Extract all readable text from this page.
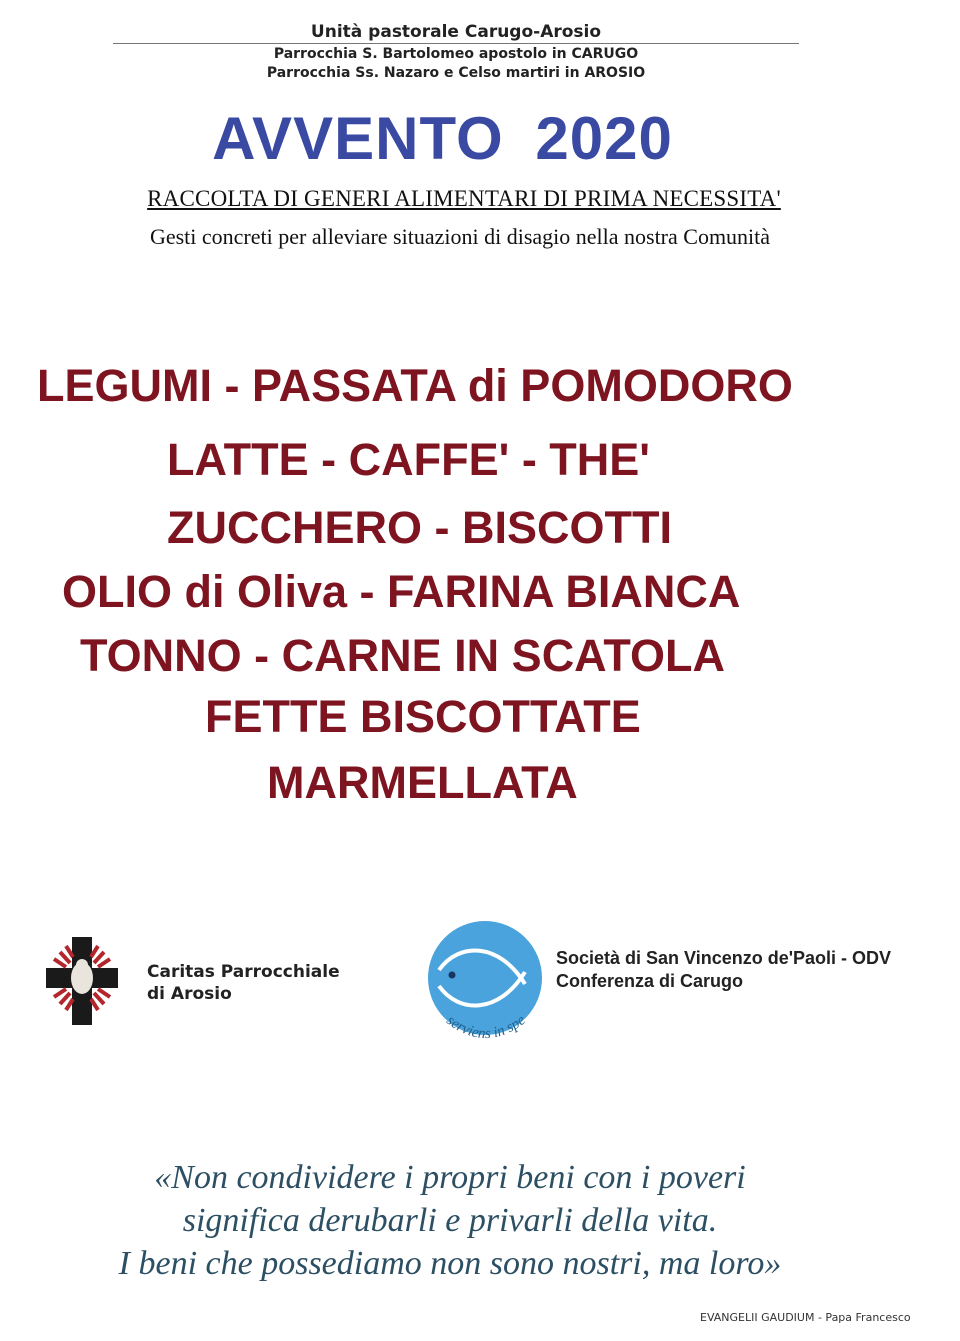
Unità pastorale Carugo-Arosio
Parrocchia S. Bartolomeo apostolo in CARUGO
Parrocchia Ss. Nazaro e Celso martiri in AROSIO
AVVENTO 2020
RACCOLTA DI GENERI ALIMENTARI DI PRIMA NECESSITA'
Gesti concreti per alleviare situazioni di disagio nella nostra Comunità
LEGUMI - PASSATA di POMODORO
LATTE - CAFFE' - THE'
ZUCCHERO - BISCOTTI
OLIO di Oliva - FARINA BIANCA
TONNO - CARNE IN SCATOLA
FETTE BISCOTTATE
MARMELLATA
Caritas Parrocchiale
di Arosio
serviens in spe
Società di San Vincenzo de'Paoli - ODV
Conferenza di Carugo
«Non condividere i propri beni con i poveri
significa derubarli e privarli della vita.
I beni che possediamo non sono nostri, ma loro»
EVANGELII GAUDIUM - Papa Francesco
